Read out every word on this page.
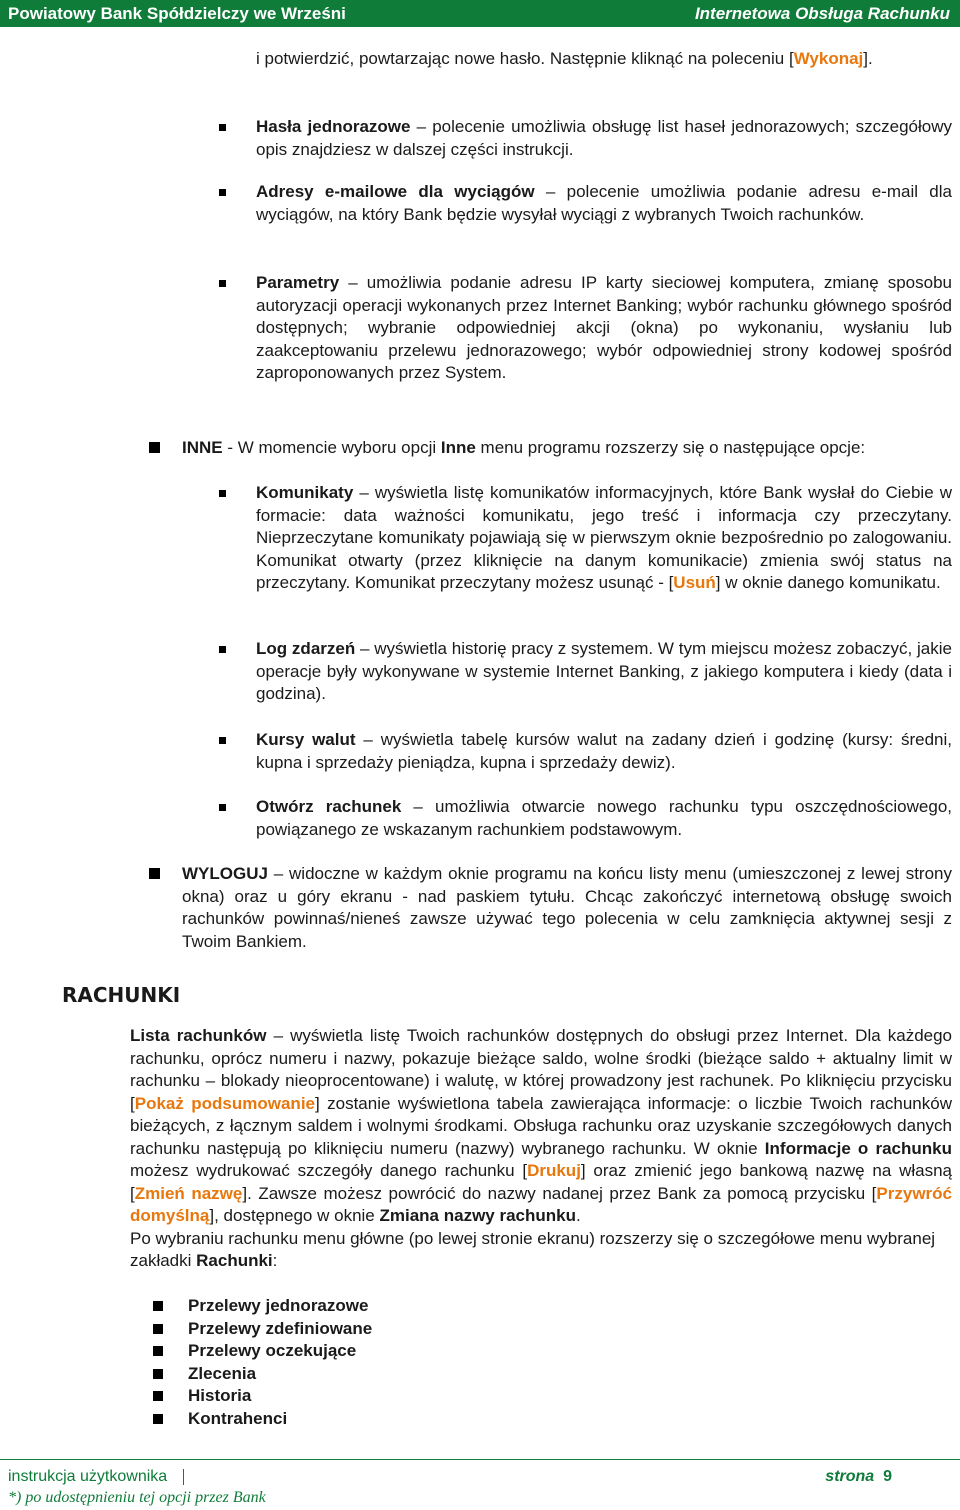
Powiatowy Bank Spółdzielczy we Wrześni	Internetowa Obsługa Rachunku

i potwierdzić, powtarzając nowe hasło. Następnie kliknąć na poleceniu [Wykonaj].

Hasła jednorazowe – polecenie umożliwia obsługę list haseł jednorazowych; szczegółowy opis znajdziesz w dalszej części instrukcji.

Adresy e-mailowe dla wyciągów – polecenie umożliwia podanie adresu e-mail dla wyciągów, na który Bank będzie wysyłał wyciągi z wybranych Twoich rachunków.

Parametry – umożliwia podanie adresu IP karty sieciowej komputera, zmianę sposobu autoryzacji operacji wykonanych przez Internet Banking; wybór rachunku głównego spośród dostępnych; wybranie odpowiedniej akcji (okna) po wykonaniu, wysłaniu lub zaakceptowaniu przelewu jednorazowego; wybór odpowiedniej strony kodowej spośród zaproponowanych przez System.

INNE - W momencie wyboru opcji Inne menu programu rozszerzy się o następujące opcje:

Komunikaty – wyświetla listę komunikatów informacyjnych, które Bank wysłał do Ciebie w formacie: data ważności komunikatu, jego treść i informacja czy przeczytany. Nieprzeczytane komunikaty pojawiają się w pierwszym oknie bezpośrednio po zalogowaniu. Komunikat otwarty (przez kliknięcie na danym komunikacie) zmienia swój status na przeczytany. Komunikat przeczytany możesz usunąć - [Usuń] w oknie danego komunikatu.

Log zdarzeń – wyświetla historię pracy z systemem. W tym miejscu możesz zobaczyć, jakie operacje były wykonywane w systemie Internet Banking, z jakiego komputera i kiedy (data i godzina).

Kursy walut – wyświetla tabelę kursów walut na zadany dzień i godzinę (kursy: średni, kupna i sprzedaży pieniądza, kupna i sprzedaży dewiz).

Otwórz rachunek – umożliwia otwarcie nowego rachunku typu oszczędnościowego, powiązanego ze wskazanym rachunkiem podstawowym.

WYLOGUJ – widoczne w każdym oknie programu na końcu listy menu (umieszczonej z lewej strony okna) oraz u góry ekranu - nad paskiem tytułu. Chcąc zakończyć internetową obsługę swoich rachunków powinnaś/nieneś zawsze używać tego polecenia w celu zamknięcia aktywnej sesji z Twoim Bankiem.

RACHUNKI

Lista rachunków – wyświetla listę Twoich rachunków dostępnych do obsługi przez Internet. Dla każdego rachunku, oprócz numeru i nazwy, pokazuje bieżące saldo, wolne środki (bieżące saldo + aktualny limit w rachunku – blokady nieoprocentowane) i walutę, w której prowadzony jest rachunek. Po kliknięciu przycisku [Pokaż podsumowanie] zostanie wyświetlona tabela zawierająca informacje: o liczbie Twoich rachunków bieżących, z łącznym saldem i wolnymi środkami. Obsługa rachunku oraz uzyskanie szczegółowych danych rachunku następują po kliknięciu numeru (nazwy) wybranego rachunku. W oknie Informacje o rachunku możesz wydrukować szczegóły danego rachunku [Drukuj] oraz zmienić jego bankową nazwę na własną [Zmień nazwę]. Zawsze możesz powrócić do nazwy nadanej przez Bank za pomocą przycisku [Przywróć domyślną], dostępnego w oknie Zmiana nazwy rachunku.

Po wybraniu rachunku menu główne (po lewej stronie ekranu) rozszerzy się o szczegółowe menu wybranej zakładki Rachunki:

Przelewy jednorazowe
Przelewy zdefiniowane
Przelewy oczekujące
Zlecenia
Historia
Kontrahenci
instrukcja użytkownika	strona 9
*) po udostępnieniu tej opcji przez Bank
